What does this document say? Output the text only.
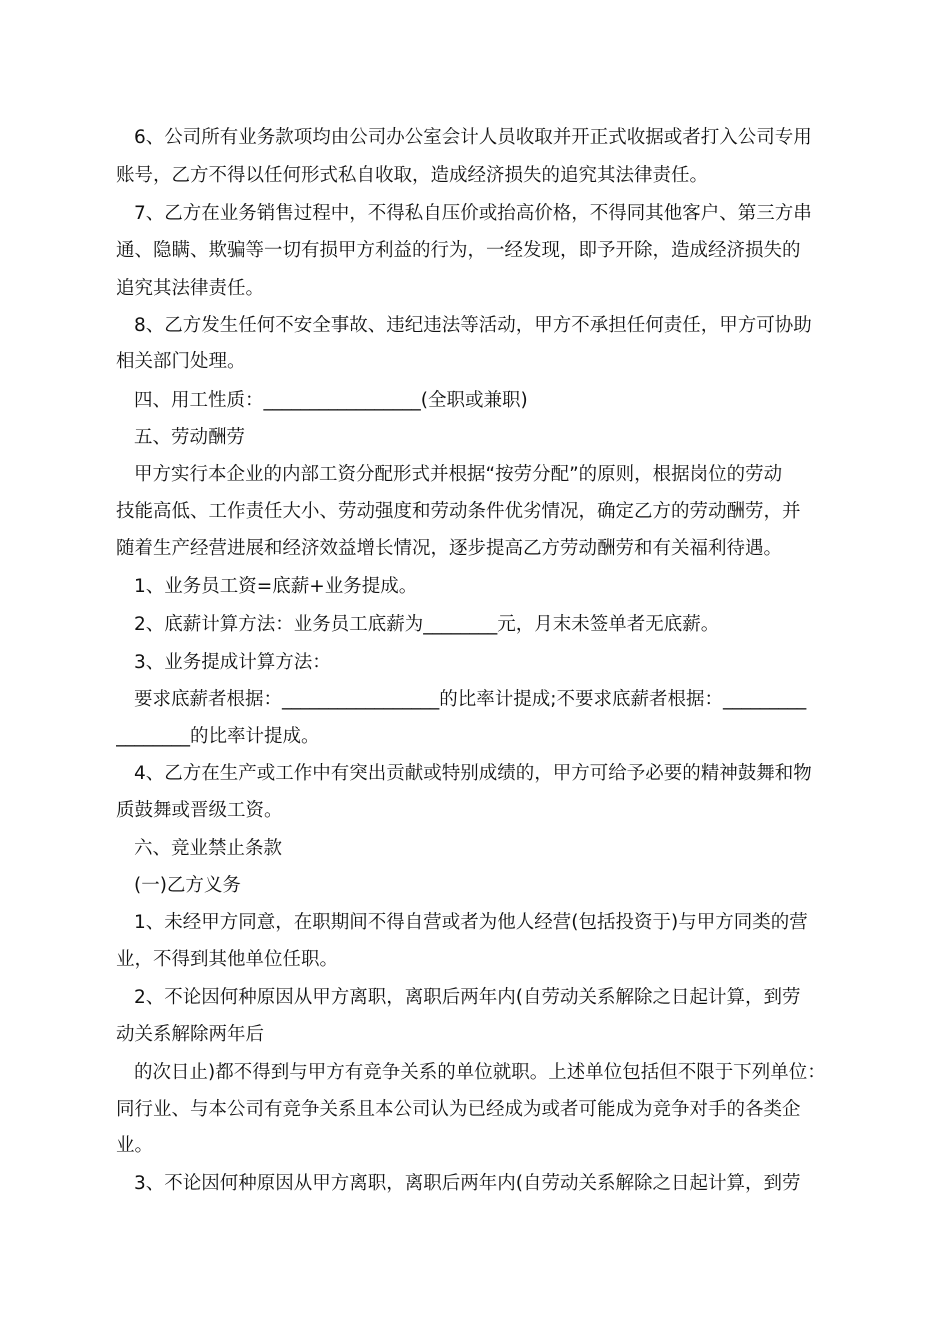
6、公司所有业务款项均由公司办公室会计人员收取并开正式收据或者打入公司专用
账号，乙方不得以任何形式私自收取，造成经济损失的追究其法律责任。
7、乙方在业务销售过程中，不得私自压价或抬高价格，不得同其他客户、第三方串
通、隐瞒、欺骗等一切有损甲方利益的行为，一经发现，即予开除，造成经济损失的
追究其法律责任。
8、乙方发生任何不安全事故、违纪违法等活动，甲方不承担任何责任，甲方可协助
相关部门处理。
四、用工性质：_________________(全职或兼职)
五、劳动酬劳
甲方实行本企业的内部工资分配形式并根据“按劳分配”的原则，根据岗位的劳动
技能高低、工作责任大小、劳动强度和劳动条件优劣情况，确定乙方的劳动酬劳，并
随着生产经营进展和经济效益增长情况，逐步提高乙方劳动酬劳和有关福利待遇。
1、业务员工资=底薪+业务提成。
2、底薪计算方法：业务员工底薪为________元，月末未签单者无底薪。
3、业务提成计算方法：
要求底薪者根据：_________________的比率计提成;不要求底薪者根据：_________
________的比率计提成。
4、乙方在生产或工作中有突出贡献或特别成绩的，甲方可给予必要的精神鼓舞和物
质鼓舞或晋级工资。
六、竞业禁止条款
(一)乙方义务
1、未经甲方同意，在职期间不得自营或者为他人经营(包括投资于)与甲方同类的营
业，不得到其他单位任职。
2、不论因何种原因从甲方离职，离职后两年内(自劳动关系解除之日起计算，到劳
动关系解除两年后
的次日止)都不得到与甲方有竞争关系的单位就职。上述单位包括但不限于下列单位：
同行业、与本公司有竞争关系且本公司认为已经成为或者可能成为竞争对手的各类企
业。
3、不论因何种原因从甲方离职，离职后两年内(自劳动关系解除之日起计算，到劳
